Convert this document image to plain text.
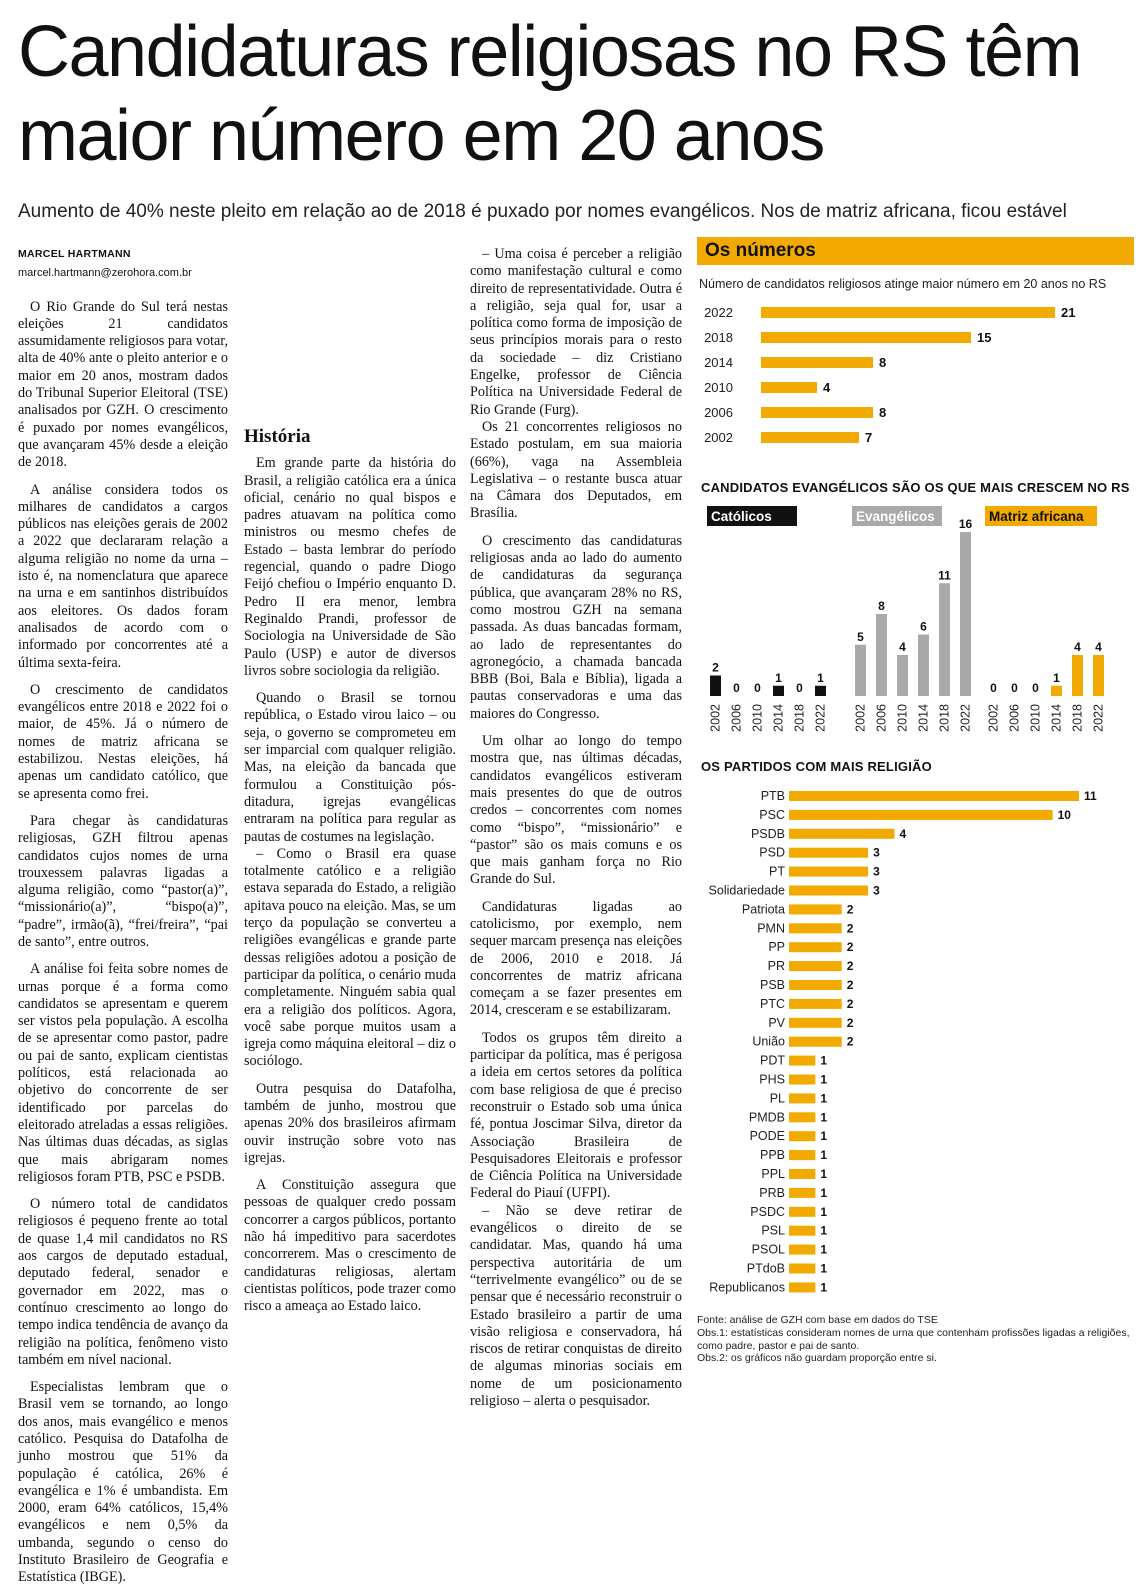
Candidaturas religiosas no RS têm maior número em 20 anos

Aumento de 40% neste pleito em relação ao de 2018 é puxado por nomes evangélicos. Nos de matriz africana, ficou estável

MARCEL HARTMANN

marcel.hartmann@zerohora.com.br

O Rio Grande do Sul terá nestas eleições 21 candidatos assumidamente religiosos para votar, alta de 40% ante o pleito anterior e o maior em 20 anos, mostram dados do Tribunal Superior Eleitoral (TSE) analisados por GZH. O crescimento é puxado por nomes evangélicos, que avançaram 45% desde a eleição de 2018.

A análise considera todos os milhares de candidatos a cargos públicos nas eleições gerais de 2002 a 2022 que declararam relação a alguma religião no nome da urna – isto é, na nomenclatura que aparece na urna e em santinhos distribuídos aos eleitores. Os dados foram analisados de acordo com o informado por concorrentes até a última sexta-feira.

O crescimento de candidatos evangélicos entre 2018 e 2022 foi o maior, de 45%. Já o número de nomes de matriz africana se estabilizou. Nestas eleições, há apenas um candidato católico, que se apresenta como frei.

Para chegar às candidaturas religiosas, GZH filtrou apenas candidatos cujos nomes de urna trouxessem palavras ligadas a alguma religião, como “pastor(a)”, “missionário(a)”, “bispo(a)”, “padre”, irmão(ã), “frei/freira”, “pai de santo”, entre outros.

A análise foi feita sobre nomes de urnas porque é a forma como candidatos se apresentam e querem ser vistos pela população. A escolha de se apresentar como pastor, padre ou pai de santo, explicam cientistas políticos, está relacionada ao objetivo do concorrente de ser identificado por parcelas do eleitorado atreladas a essas religiões. Nas últimas duas décadas, as siglas que mais abrigaram nomes religiosos foram PTB, PSC e PSDB.

O número total de candidatos religiosos é pequeno frente ao total de quase 1,4 mil candidatos no RS aos cargos de deputado estadual, deputado federal, senador e governador em 2022, mas o contínuo crescimento ao longo do tempo indica tendência de avanço da religião na política, fenômeno visto também em nível nacional.

Especialistas lembram que o Brasil vem se tornando, ao longo dos anos, mais evangélico e menos católico. Pesquisa do Datafolha de junho mostrou que 51% da população é católica, 26% é evangélica e 1% é umbandista. Em 2000, eram 64% católicos, 15,4% evangélicos e nem 0,5% da umbanda, segundo o censo do Instituto Brasileiro de Geografia e Estatística (IBGE).

História

Em grande parte da história do Brasil, a religião católica era a única oficial, cenário no qual bispos e padres atuavam na política como ministros ou mesmo chefes de Estado – basta lembrar do período regencial, quando o padre Diogo Feijó chefiou o Império enquanto D. Pedro II era menor, lembra Reginaldo Prandi, professor de Sociologia na Universidade de São Paulo (USP) e autor de diversos livros sobre sociologia da religião.

Quando o Brasil se tornou república, o Estado virou laico – ou seja, o governo se comprometeu em ser imparcial com qualquer religião. Mas, na eleição da bancada que formulou a Constituição pós-ditadura, igrejas evangélicas entraram na política para regular as pautas de costumes na legislação.

– Como o Brasil era quase totalmente católico e a religião estava separada do Estado, a religião apitava pouco na eleição. Mas, se um terço da população se converteu a religiões evangélicas e grande parte dessas religiões adotou a posição de participar da política, o cenário muda completamente. Ninguém sabia qual era a religião dos políticos. Agora, você sabe porque muitos usam a igreja como máquina eleitoral – diz o sociólogo.

Outra pesquisa do Datafolha, também de junho, mostrou que apenas 20% dos brasileiros afirmam ouvir instrução sobre voto nas igrejas.

A Constituição assegura que pessoas de qualquer credo possam concorrer a cargos públicos, portanto não há impeditivo para sacerdotes concorrerem. Mas o crescimento de candidaturas religiosas, alertam cientistas políticos, pode trazer como risco a ameaça ao Estado laico.

– Uma coisa é perceber a religião como manifestação cultural e como direito de representatividade. Outra é a religião, seja qual for, usar a política como forma de imposição de seus princípios morais para o resto da sociedade – diz Cristiano Engelke, professor de Ciência Política na Universidade Federal de Rio Grande (Furg).

Os 21 concorrentes religiosos no Estado postulam, em sua maioria (66%), vaga na Assembleia Legislativa – o restante busca atuar na Câmara dos Deputados, em Brasília.

O crescimento das candidaturas religiosas anda ao lado do aumento de candidaturas da segurança pública, que avançaram 28% no RS, como mostrou GZH na semana passada. As duas bancadas formam, ao lado de representantes do agronegócio, a chamada bancada BBB (Boi, Bala e Bíblia), ligada a pautas conservadoras e uma das maiores do Congresso.

Um olhar ao longo do tempo mostra que, nas últimas décadas, candidatos evangélicos estiveram mais presentes do que de outros credos – concorrentes com nomes como “bispo”, “missionário” e “pastor” são os mais comuns e os que mais ganham força no Rio Grande do Sul.

Candidaturas ligadas ao catolicismo, por exemplo, nem sequer marcam presença nas eleições de 2006, 2010 e 2018. Já concorrentes de matriz africana começam a se fazer presentes em 2014, cresceram e se estabilizaram.

Todos os grupos têm direito a participar da política, mas é perigosa a ideia em certos setores da política com base religiosa de que é preciso reconstruir o Estado sob uma única fé, pontua Joscimar Silva, diretor da Associação Brasileira de Pesquisadores Eleitorais e professor de Ciência Política na Universidade Federal do Piauí (UFPI).

– Não se deve retirar de evangélicos o direito de se candidatar. Mas, quando há uma perspectiva autoritária de um “terrivelmente evangélico” ou de se pensar que é necessário reconstruir o Estado brasileiro a partir de uma visão religiosa e conservadora, há riscos de retirar conquistas de direito de algumas minorias sociais em nome de um posicionamento religioso – alerta o pesquisador.

Os números
Número de candidatos religiosos atinge maior número em 20 anos no RS
2022	21
2018	15
2014	8
2010	4
2006	8
2002	7
CANDIDATOS EVANGÉLICOS SÃO OS QUE MAIS CRESCEM NO RS
Católicos
2
2002
0
2006
0
2010
1
2014
0
2018
1
2022
Evangélicos
5
2002
8
2006
4
2010
6
2014
11
2018
16
2022
Matriz africana
0
2002
0
2006
0
2010
1
2014
4
2018
4
2022
OS PARTIDOS COM MAIS RELIGIÃO
PTB	11
PSC	10
PSDB	4
PSD	3
PT	3
Solidariedade	3
Patriota	2
PMN	2
PP	2
PR	2
PSB	2
PTC	2
PV	2
União	2
PDT	1
PHS	1
PL	1
PMDB	1
PODE	1
PPB	1
PPL	1
PRB	1
PSDC	1
PSL	1
PSOL	1
PTdoB	1
Republicanos	1
Fonte: análise de GZH com base em dados do TSE
Obs.1: estatísticas consideram nomes de urna que contenham profissões ligadas a religiões, como padre, pastor e pai de santo.
Obs.2: os gráficos não guardam proporção entre si.
